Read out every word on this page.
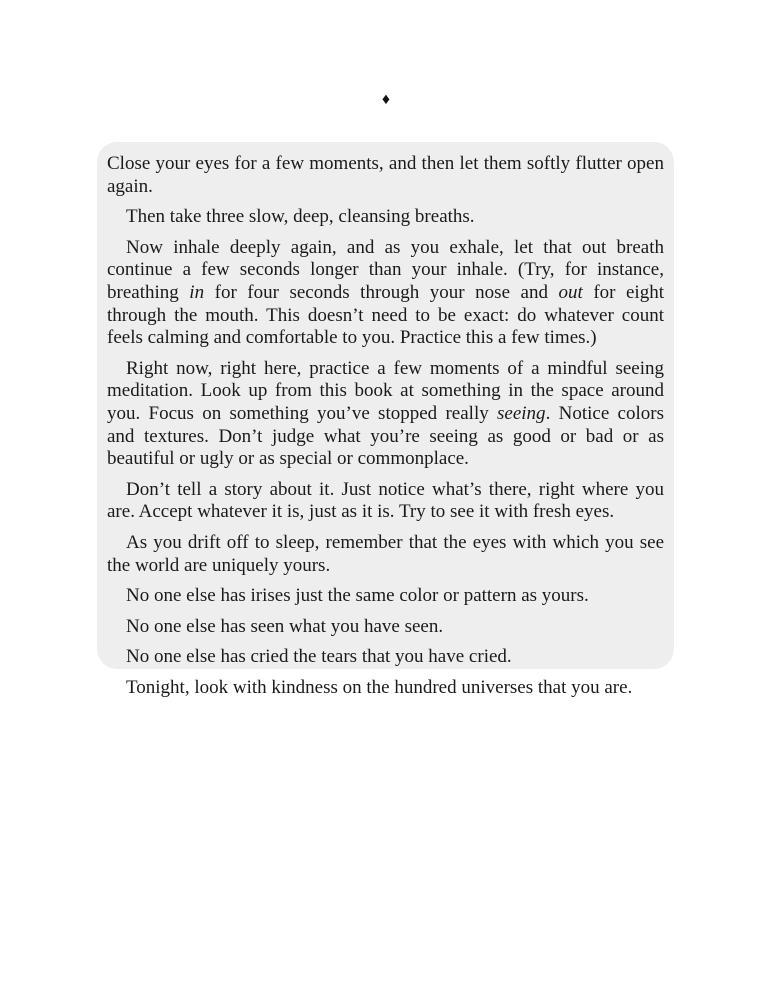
♦

Close your eyes for a few moments, and then let them softly flutter open again.

Then take three slow, deep, cleansing breaths.

Now inhale deeply again, and as you exhale, let that out breath continue a few seconds longer than your inhale. (Try, for instance, breathing in for four seconds through your nose and out for eight through the mouth. This doesn’t need to be exact: do whatever count feels calming and comfortable to you. Practice this a few times.)

Right now, right here, practice a few moments of a mindful seeing meditation. Look up from this book at something in the space around you. Focus on something you’ve stopped really seeing. Notice colors and textures. Don’t judge what you’re seeing as good or bad or as beautiful or ugly or as special or commonplace.

Don’t tell a story about it. Just notice what’s there, right where you are. Accept whatever it is, just as it is. Try to see it with fresh eyes.

As you drift off to sleep, remember that the eyes with which you see the world are uniquely yours.

No one else has irises just the same color or pattern as yours.

No one else has seen what you have seen.

No one else has cried the tears that you have cried.

Tonight, look with kindness on the hundred universes that you are.
